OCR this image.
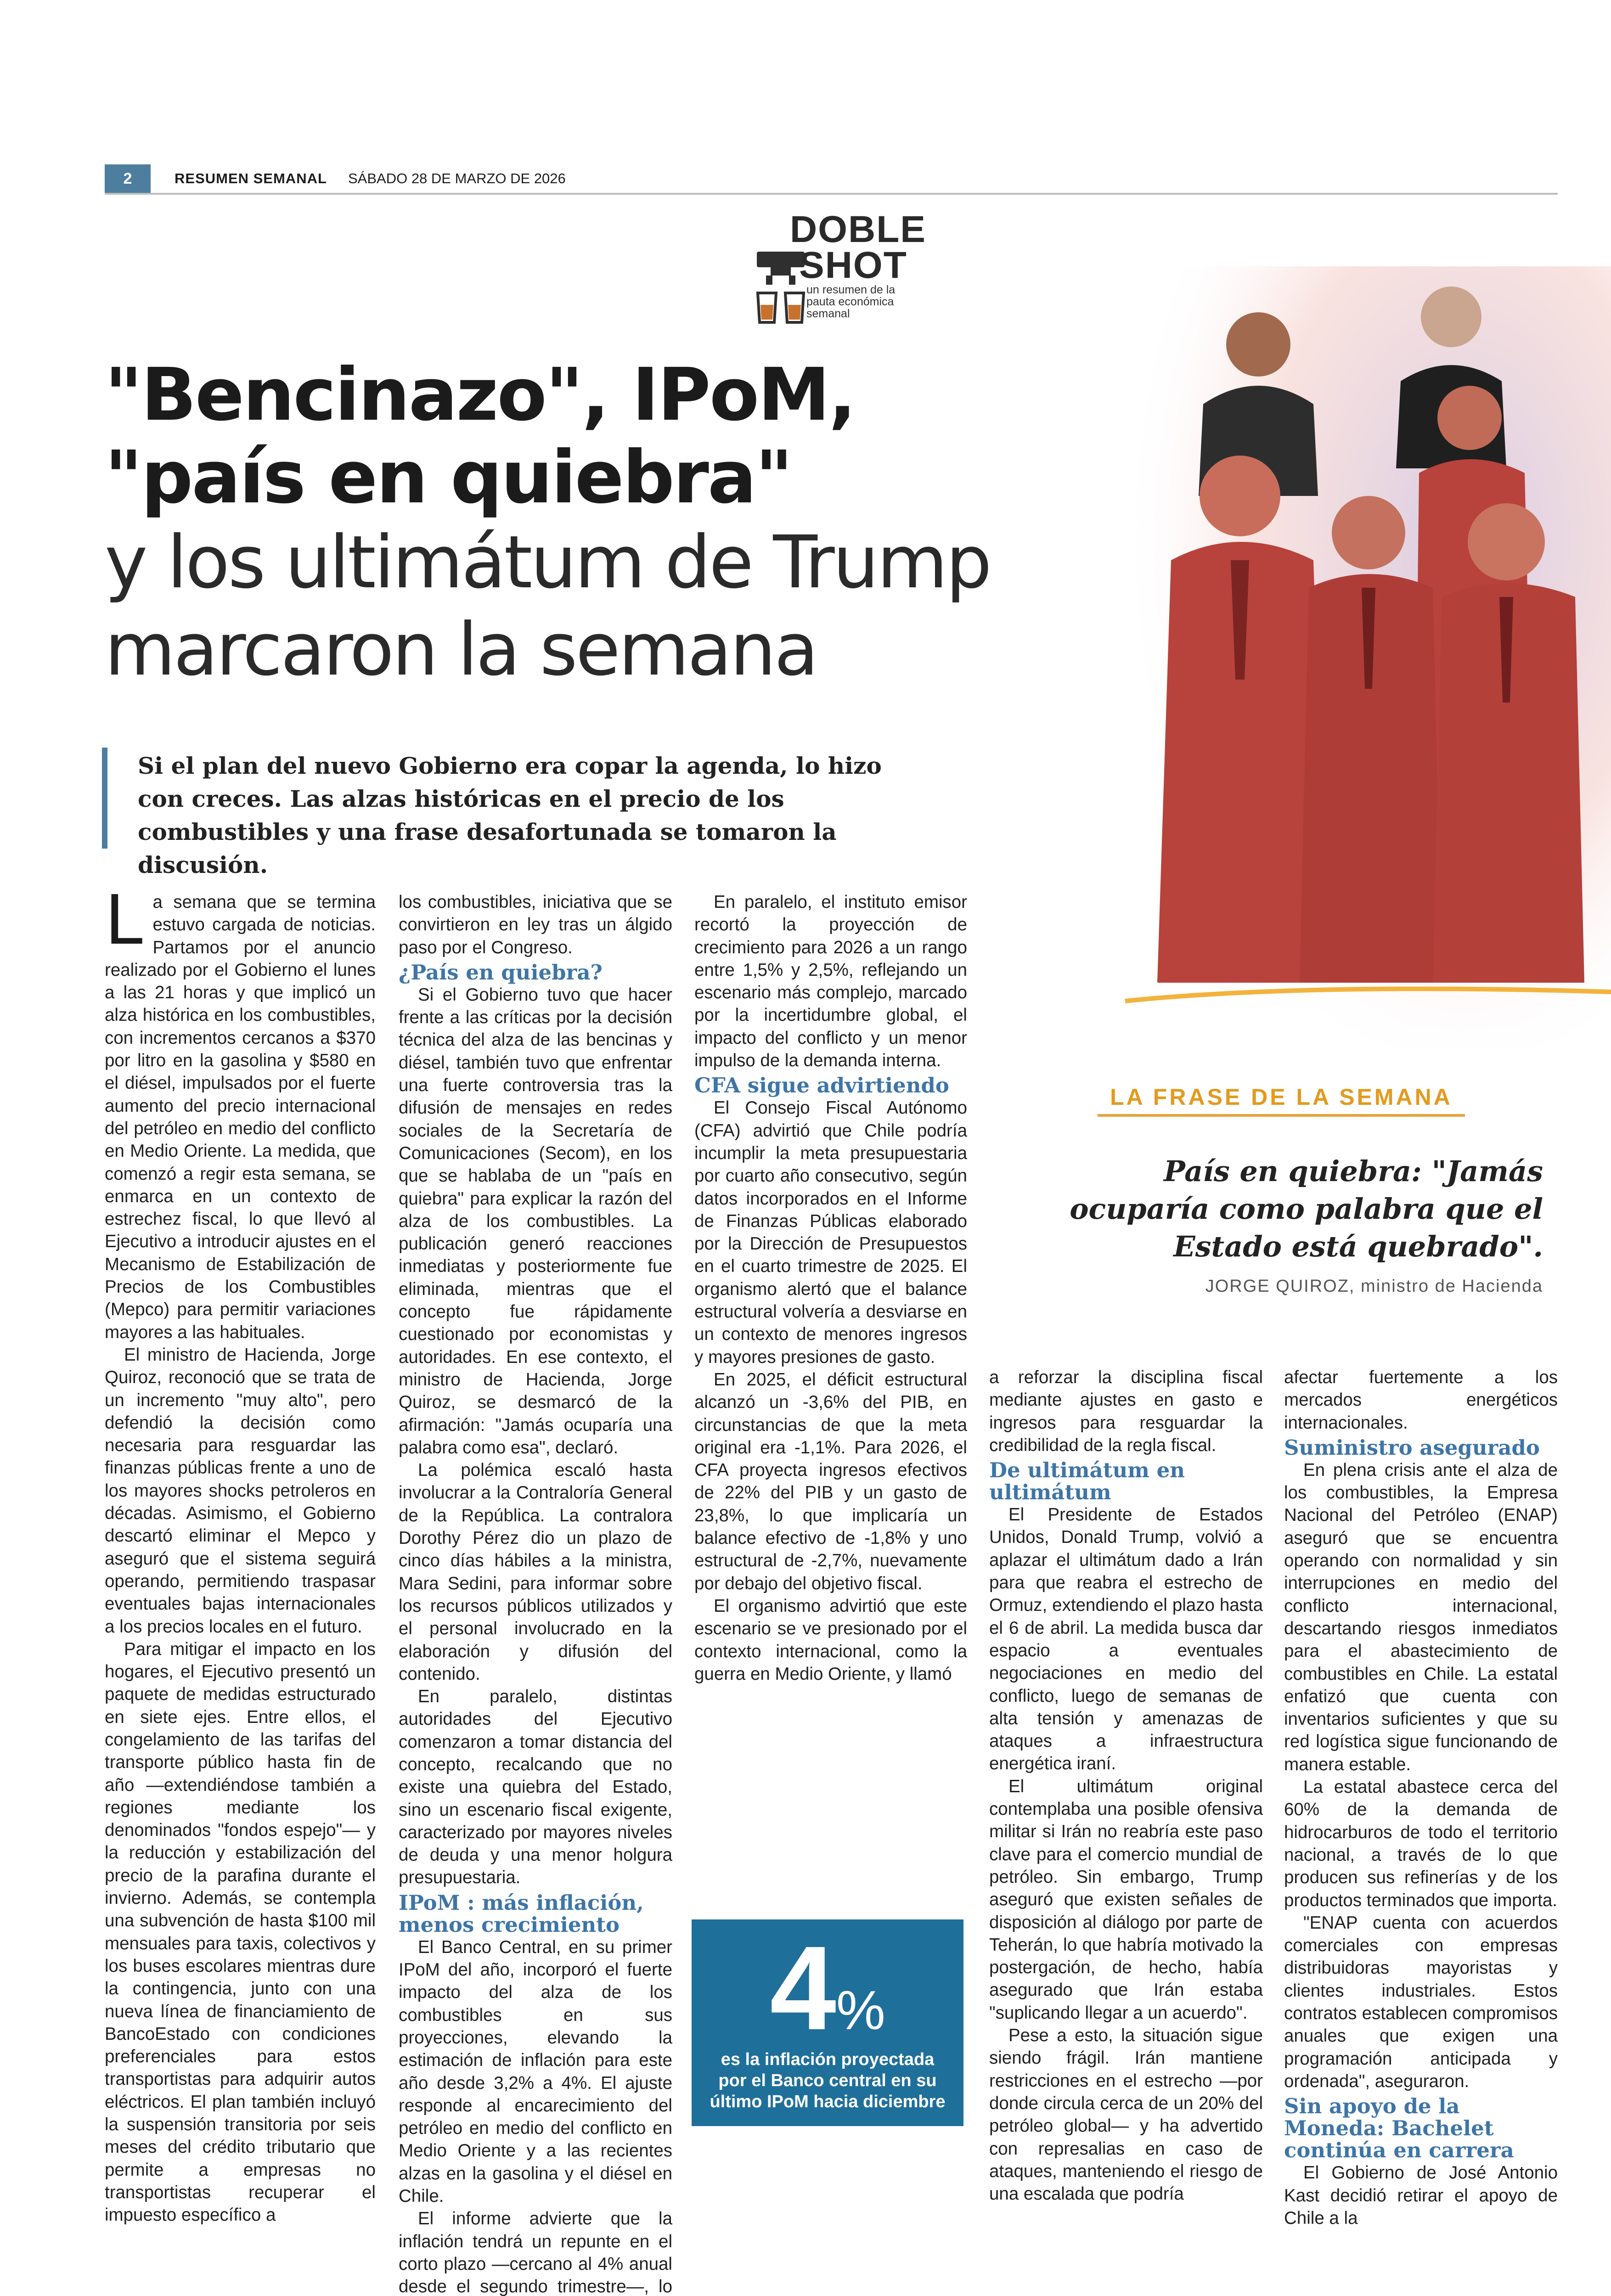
2	RESUMEN SEMANAL SÁBADO 28 DE MARZO DE 2026
DOBLE
SHOT
un resumen de la pauta económica semanal
"Bencinazo", IPoM,
"país en quiebra"
y los ultimátum de Trump
marcaron la semana
Si el plan del nuevo Gobierno era copar la agenda, lo hizo con creces. Las alzas históricas en el precio de los combustibles y una frase desafortunada se tomaron la discusión.
LA FRASE DE LA SEMANA
País en quiebra: "Jamás ocuparía como palabra que el Estado está quebrado".
JORGE QUIROZ, ministro de Hacienda

La semana que se termina estuvo cargada de noticias. Partamos por el anuncio realizado por el Gobierno el lunes a las 21 horas y que implicó un alza histórica en los combustibles, con incrementos cercanos a $370 por litro en la gasolina y $580 en el diésel, impulsados por el fuerte aumento del precio internacional del petróleo en medio del conflicto en Medio Oriente. La medida, que comenzó a regir esta semana, se enmarca en un contexto de estrechez fiscal, lo que llevó al Ejecutivo a introducir ajustes en el Mecanismo de Estabilización de Precios de los Combustibles (Mepco) para permitir variaciones mayores a las habituales.

El ministro de Hacienda, Jorge Quiroz, reconoció que se trata de un incremento "muy alto", pero defendió la decisión como necesaria para resguardar las finanzas públicas frente a uno de los mayores shocks petroleros en décadas. Asimismo, el Gobierno descartó eliminar el Mepco y aseguró que el sistema seguirá operando, permitiendo traspasar eventuales bajas internacionales a los precios locales en el futuro.

Para mitigar el impacto en los hogares, el Ejecutivo presentó un paquete de medidas estructurado en siete ejes. Entre ellos, el congelamiento de las tarifas del transporte público hasta fin de año —extendiéndose también a regiones mediante los denominados "fondos espejo"— y la reducción y estabilización del precio de la parafina durante el invierno. Además, se contempla una subvención de hasta $100 mil mensuales para taxis, colectivos y los buses escolares mientras dure la contingencia, junto con una nueva línea de financiamiento de BancoEstado con condiciones preferenciales para estos transportistas para adquirir autos eléctricos. El plan también incluyó la suspensión transitoria por seis meses del crédito tributario que permite a empresas no transportistas recuperar el impuesto específico a

los combustibles, iniciativa que se convirtieron en ley tras un álgido paso por el Congreso.

¿País en quiebra?

Si el Gobierno tuvo que hacer frente a las críticas por la decisión técnica del alza de las bencinas y diésel, también tuvo que enfrentar una fuerte controversia tras la difusión de mensajes en redes sociales de la Secretaría de Comunicaciones (Secom), en los que se hablaba de un "país en quiebra" para explicar la razón del alza de los combustibles. La publicación generó reacciones inmediatas y posteriormente fue eliminada, mientras que el concepto fue rápidamente cuestionado por economistas y autoridades. En ese contexto, el ministro de Hacienda, Jorge Quiroz, se desmarcó de la afirmación: "Jamás ocuparía una palabra como esa", declaró.

La polémica escaló hasta involucrar a la Contraloría General de la República. La contralora Dorothy Pérez dio un plazo de cinco días hábiles a la ministra, Mara Sedini, para informar sobre los recursos públicos utilizados y el personal involucrado en la elaboración y difusión del contenido.

En paralelo, distintas autoridades del Ejecutivo comenzaron a tomar distancia del concepto, recalcando que no existe una quiebra del Estado, sino un escenario fiscal exigente, caracterizado por mayores niveles de deuda y una menor holgura presupuestaria.

IPoM : más inflación, menos crecimiento

El Banco Central, en su primer IPoM del año, incorporó el fuerte impacto del alza de los combustibles en sus proyecciones, elevando la estimación de inflación para este año desde 3,2% a 4%. El ajuste responde al encarecimiento del petróleo en medio del conflicto en Medio Oriente y a las recientes alzas en la gasolina y el diésel en Chile.

El informe advierte que la inflación tendrá un repunte en el corto plazo —cercano al 4% anual desde el segundo trimestre—, lo

En paralelo, el instituto emisor recortó la proyección de crecimiento para 2026 a un rango entre 1,5% y 2,5%, reflejando un escenario más complejo, marcado por la incertidumbre global, el impacto del conflicto y un menor impulso de la demanda interna.

CFA sigue advirtiendo

El Consejo Fiscal Autónomo (CFA) advirtió que Chile podría incumplir la meta presupuestaria por cuarto año consecutivo, según datos incorporados en el Informe de Finanzas Públicas elaborado por la Dirección de Presupuestos en el cuarto trimestre de 2025. El organismo alertó que el balance estructural volvería a desviarse en un contexto de menores ingresos y mayores presiones de gasto.

En 2025, el déficit estructural alcanzó un -3,6% del PIB, en circunstancias de que la meta original era -1,1%. Para 2026, el CFA proyecta ingresos efectivos de 22% del PIB y un gasto de 23,8%, lo que implicaría un balance efectivo de -1,8% y uno estructural de -2,7%, nuevamente por debajo del objetivo fiscal.

El organismo advirtió que este escenario se ve presionado por el contexto internacional, como la guerra en Medio Oriente, y llamó

4%
es la inflación proyectada por el Banco central en su último IPoM hacia diciembre

a reforzar la disciplina fiscal mediante ajustes en gasto e ingresos para resguardar la credibilidad de la regla fiscal.

De ultimátum en ultimátum

El Presidente de Estados Unidos, Donald Trump, volvió a aplazar el ultimátum dado a Irán para que reabra el estrecho de Ormuz, extendiendo el plazo hasta el 6 de abril. La medida busca dar espacio a eventuales negociaciones en medio del conflicto, luego de semanas de alta tensión y amenazas de ataques a infraestructura energética iraní.

El ultimátum original contemplaba una posible ofensiva militar si Irán no reabría este paso clave para el comercio mundial de petróleo. Sin embargo, Trump aseguró que existen señales de disposición al diálogo por parte de Teherán, lo que habría motivado la postergación, de hecho, había asegurado que Irán estaba "suplicando llegar a un acuerdo".

Pese a esto, la situación sigue siendo frágil. Irán mantiene restricciones en el estrecho —por donde circula cerca de un 20% del petróleo global— y ha advertido con represalias en caso de ataques, manteniendo el riesgo de una escalada que podría

afectar fuertemente a los mercados energéticos internacionales.

Suministro asegurado

En plena crisis ante el alza de los combustibles, la Empresa Nacional del Petróleo (ENAP) aseguró que se encuentra operando con normalidad y sin interrupciones en medio del conflicto internacional, descartando riesgos inmediatos para el abastecimiento de combustibles en Chile. La estatal enfatizó que cuenta con inventarios suficientes y que su red logística sigue funcionando de manera estable.

La estatal abastece cerca del 60% de la demanda de hidrocarburos de todo el territorio nacional, a través de lo que producen sus refinerías y de los productos terminados que importa.

"ENAP cuenta con acuerdos comerciales con empresas distribuidoras mayoristas y clientes industriales. Estos contratos establecen compromisos anuales que exigen una programación anticipada y ordenada", aseguraron.

Sin apoyo de la Moneda: Bachelet continúa en carrera

El Gobierno de José Antonio Kast decidió retirar el apoyo de Chile a la
